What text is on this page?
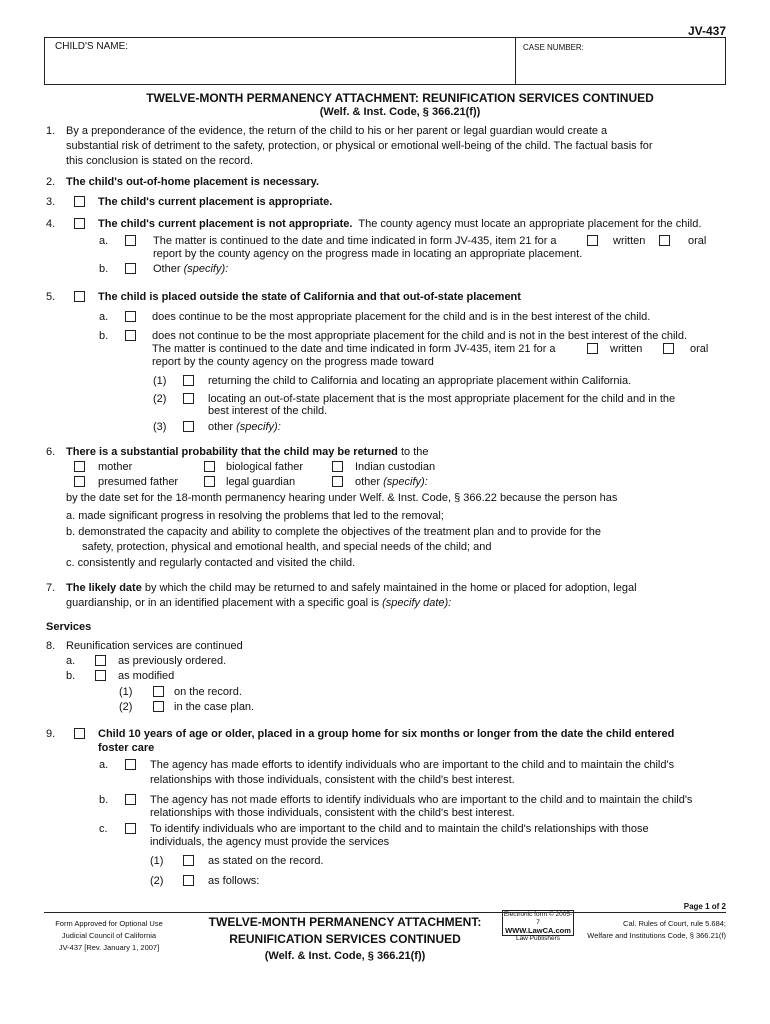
JV-437
CHILD'S NAME:	CASE NUMBER:
TWELVE-MONTH PERMANENCY ATTACHMENT: REUNIFICATION SERVICES CONTINUED
(Welf. & Inst. Code, § 366.21(f))
1. By a preponderance of the evidence, the return of the child to his or her parent or legal guardian would create a
substantial risk of detriment to the safety, protection, or physical or emotional well-being of the child. The factual basis for
this conclusion is stated on the record.
2. The child's out-of-home placement is necessary.
3.	The child's current placement is appropriate.
4.	The child's current placement is not appropriate. The county agency must locate an appropriate placement for the child.
a.	The matter is continued to the date and time indicated in form JV-435, item 21 for a	written	oral
report by the county agency on the progress made in locating an appropriate placement.
b.	Other (specify):
5.	The child is placed outside the state of California and that out-of-state placement
a.	does continue to be the most appropriate placement for the child and is in the best interest of the child.
b.	does not continue to be the most appropriate placement for the child and is not in the best interest of the child.
The matter is continued to the date and time indicated in form JV-435, item 21 for a	written	oral
report by the county agency on the progress made toward
(1)	returning the child to California and locating an appropriate placement within California.
(2)	locating an out-of-state placement that is the most appropriate placement for the child and in the
best interest of the child.
(3)	other (specify):
6. There is a substantial probability that the child may be returned to the
mother	biological father	Indian custodian
presumed father	legal guardian	other (specify):
by the date set for the 18-month permanency hearing under Welf. & Inst. Code, § 366.22 because the person has
a. made significant progress in resolving the problems that led to the removal;
b. demonstrated the capacity and ability to complete the objectives of the treatment plan and to provide for the
safety, protection, physical and emotional health, and special needs of the child; and
c. consistently and regularly contacted and visited the child.
7. The likely date by which the child may be returned to and safely maintained in the home or placed for adoption, legal
guardianship, or in an identified placement with a specific goal is (specify date):
Services
8. Reunification services are continued
a.	as previously ordered.
b.	as modified
(1)	on the record.
(2)	in the case plan.
9.	Child 10 years of age or older, placed in a group home for six months or longer from the date the child entered
foster care
a.	The agency has made efforts to identify individuals who are important to the child and to maintain the child's
relationships with those individuals, consistent with the child's best interest.
b.	The agency has not made efforts to identify individuals who are important to the child and to maintain the child's
relationships with those individuals, consistent with the child's best interest.
c.	To identify individuals who are important to the child and to maintain the child's relationships with those
individuals, the agency must provide the services
(1)	as stated on the record.
(2)	as follows:
Page 1 of 2
Form Approved for Optional Use
Judicial Council of California
JV-437 [Rev. January 1, 2007]
TWELVE-MONTH PERMANENCY ATTACHMENT:
REUNIFICATION SERVICES CONTINUED
(Welf. & Inst. Code, § 366.21(f))
Electronic form © 2005-7
WWW.LawCA.com
Law Publishers
Cal. Rules of Court, rule 5.684;
Welfare and Institutions Code, § 366.21(f)
